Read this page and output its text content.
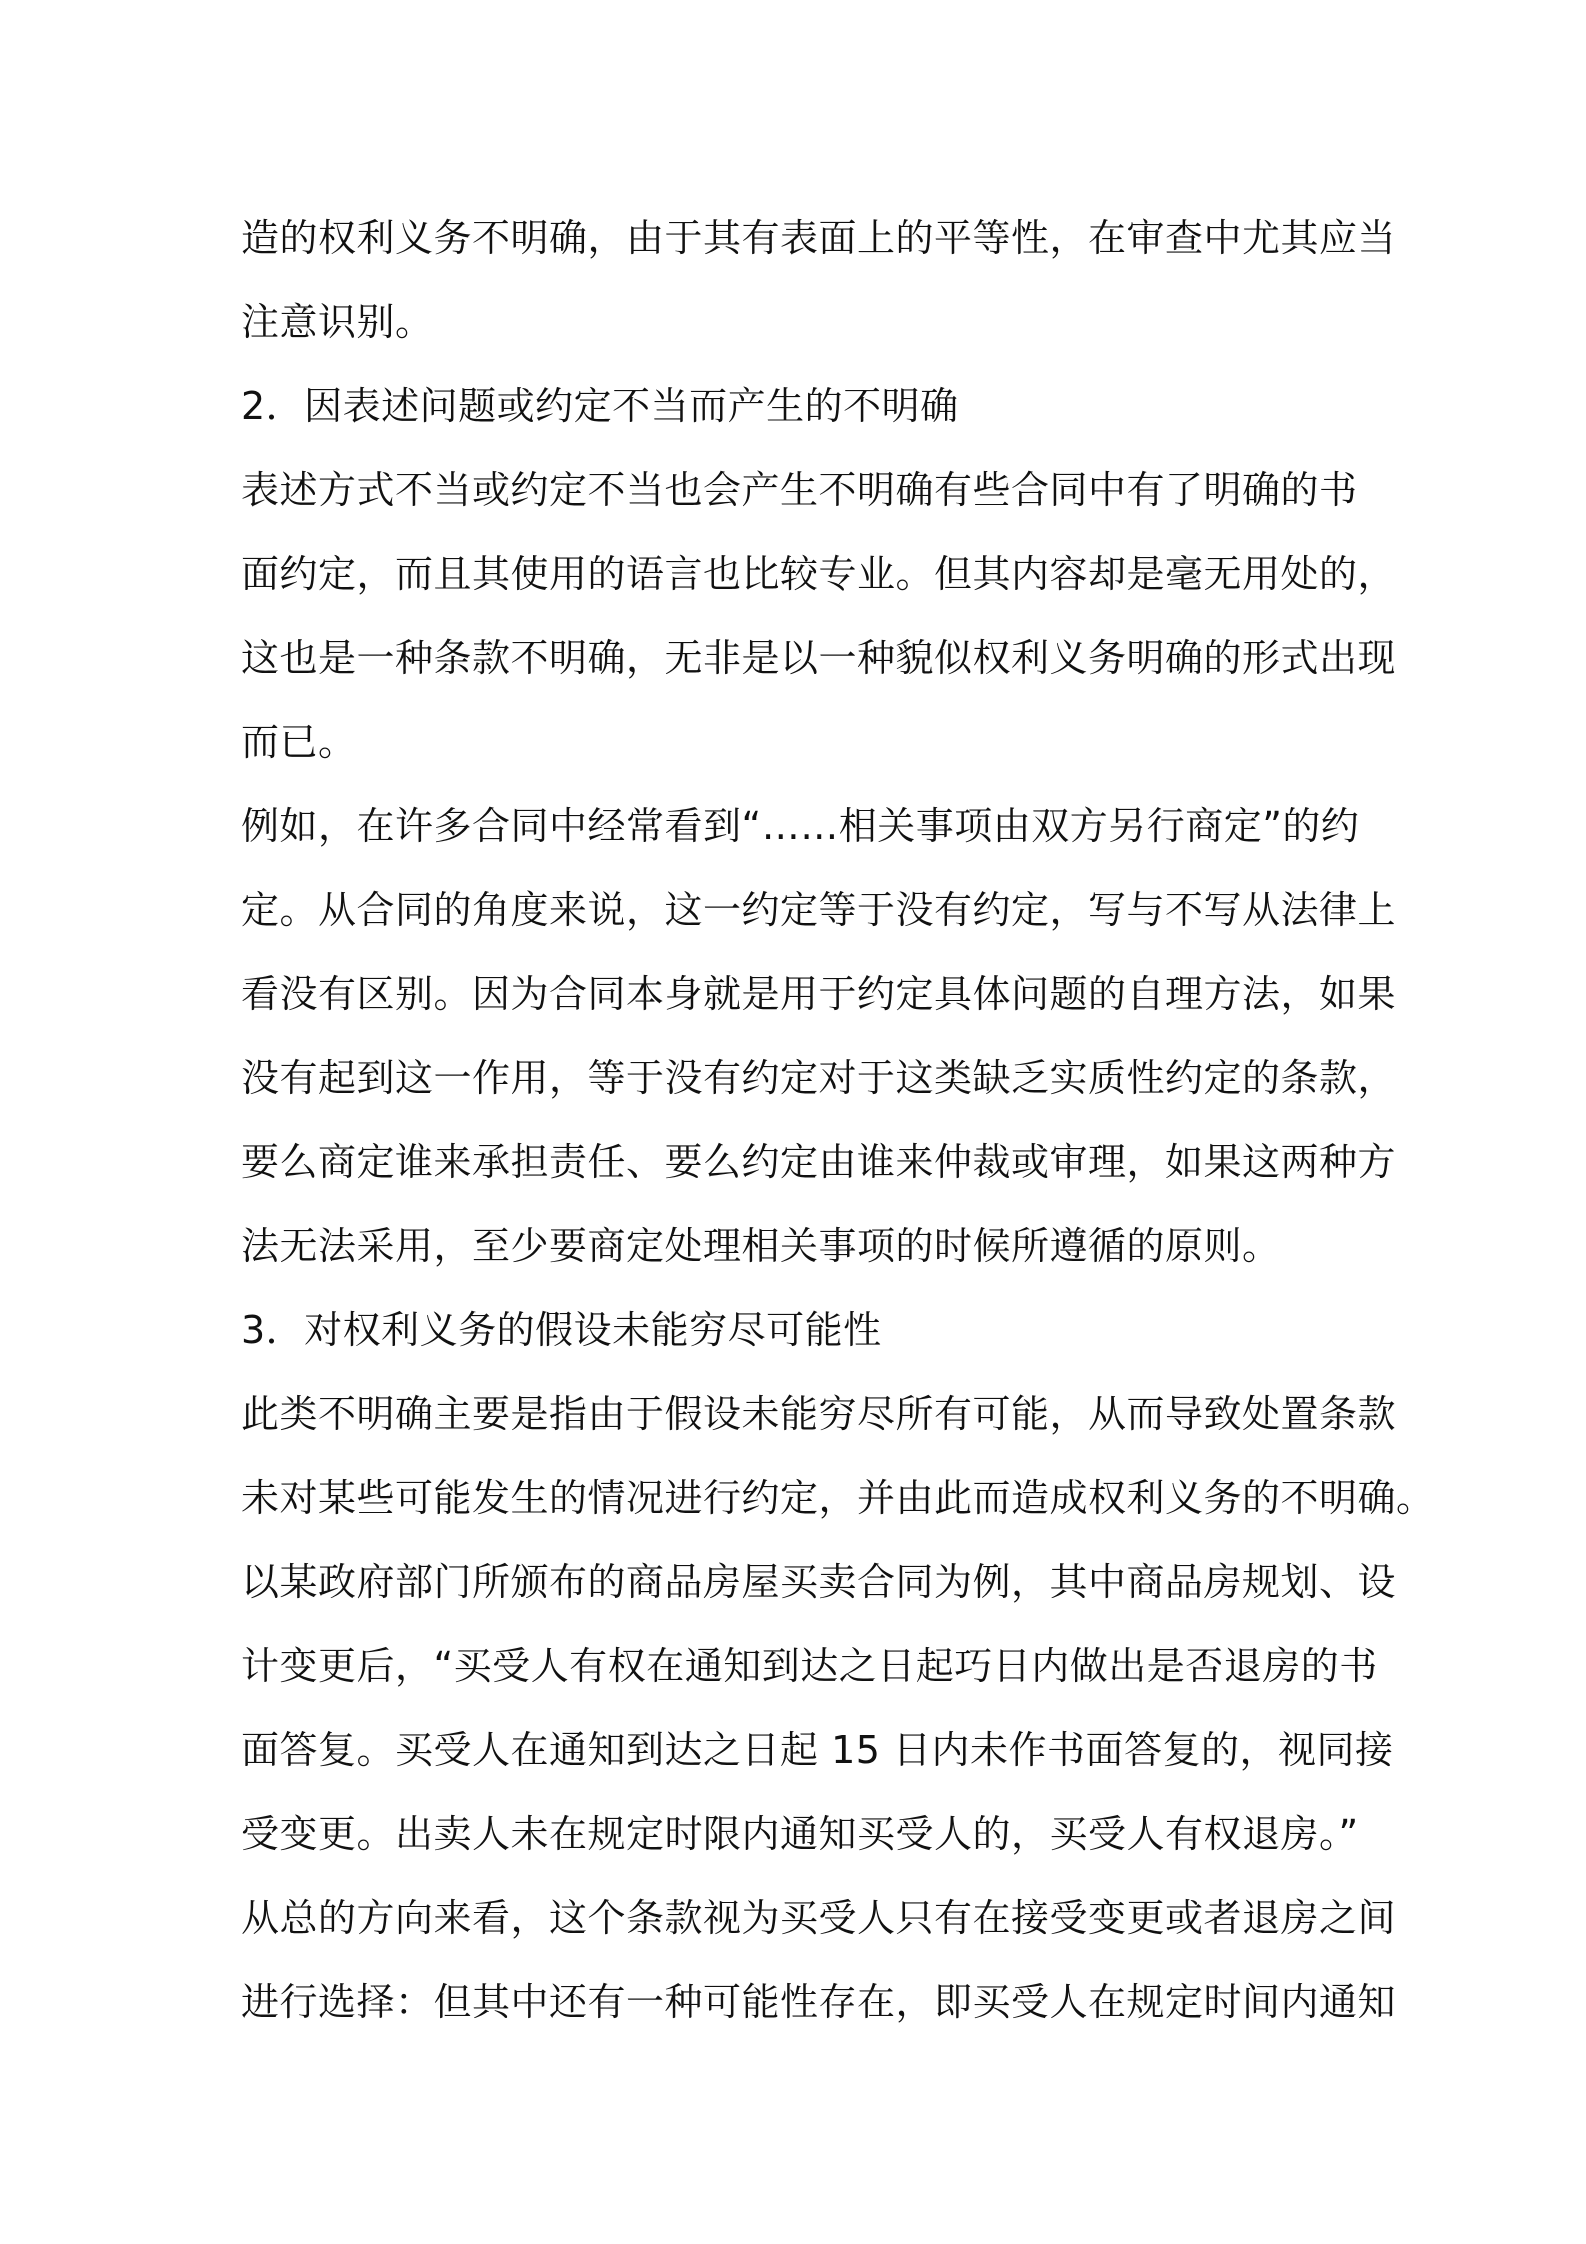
造的权利义务不明确，由于其有表面上的平等性，在审查中尤其应当
注意识别。
2．因表述问题或约定不当而产生的不明确
表述方式不当或约定不当也会产生不明确有些合同中有了明确的书
面约定，而且其使用的语言也比较专业。但其内容却是毫无用处的，
这也是一种条款不明确，无非是以一种貌似权利义务明确的形式出现
而已。
例如，在许多合同中经常看到“……相关事项由双方另行商定”的约
定。从合同的角度来说，这一约定等于没有约定，写与不写从法律上
看没有区别。因为合同本身就是用于约定具体问题的自理方法，如果
没有起到这一作用，等于没有约定对于这类缺乏实质性约定的条款，
要么商定谁来承担责任、要么约定由谁来仲裁或审理，如果这两种方
法无法采用，至少要商定处理相关事项的时候所遵循的原则。
3．对权利义务的假设未能穷尽可能性
此类不明确主要是指由于假设未能穷尽所有可能，从而导致处置条款
未对某些可能发生的情况进行约定，并由此而造成权利义务的不明确。
以某政府部门所颁布的商品房屋买卖合同为例，其中商品房规划、设
计变更后，“买受人有权在通知到达之日起巧日内做出是否退房的书
面答复。买受人在通知到达之日起 15 日内未作书面答复的，视同接
受变更。出卖人未在规定时限内通知买受人的，买受人有权退房。”
从总的方向来看，这个条款视为买受人只有在接受变更或者退房之间
进行选择：但其中还有一种可能性存在，即买受人在规定时间内通知
